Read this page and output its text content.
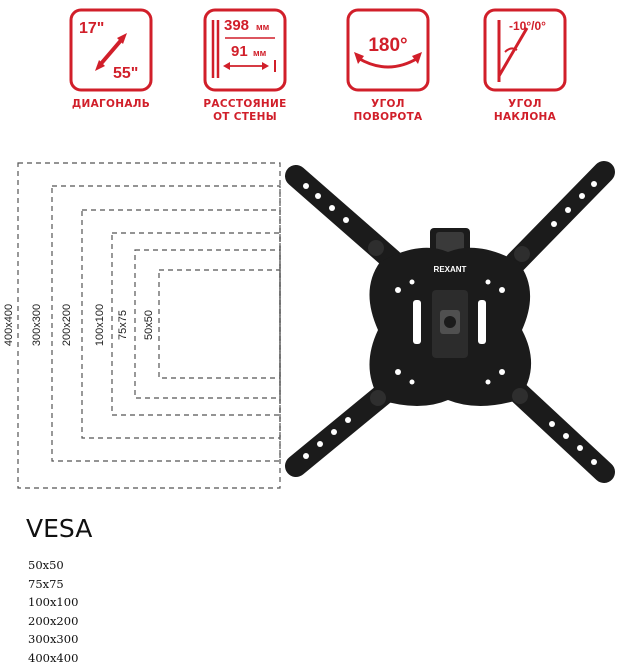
17"
55"
ДИАГОНАЛЬ
398 мм
91 мм
РАССТОЯНИЕ
ОТ СТЕНЫ
180°
УГОЛ
ПОВОРОТА
-10°/0°
УГОЛ
НАКЛОНА
400x400 300x300 200x200 100x100 75x75 50x50
REXANT
VESA
50x50
75x75
100x100
200x200
300x300
400x400
